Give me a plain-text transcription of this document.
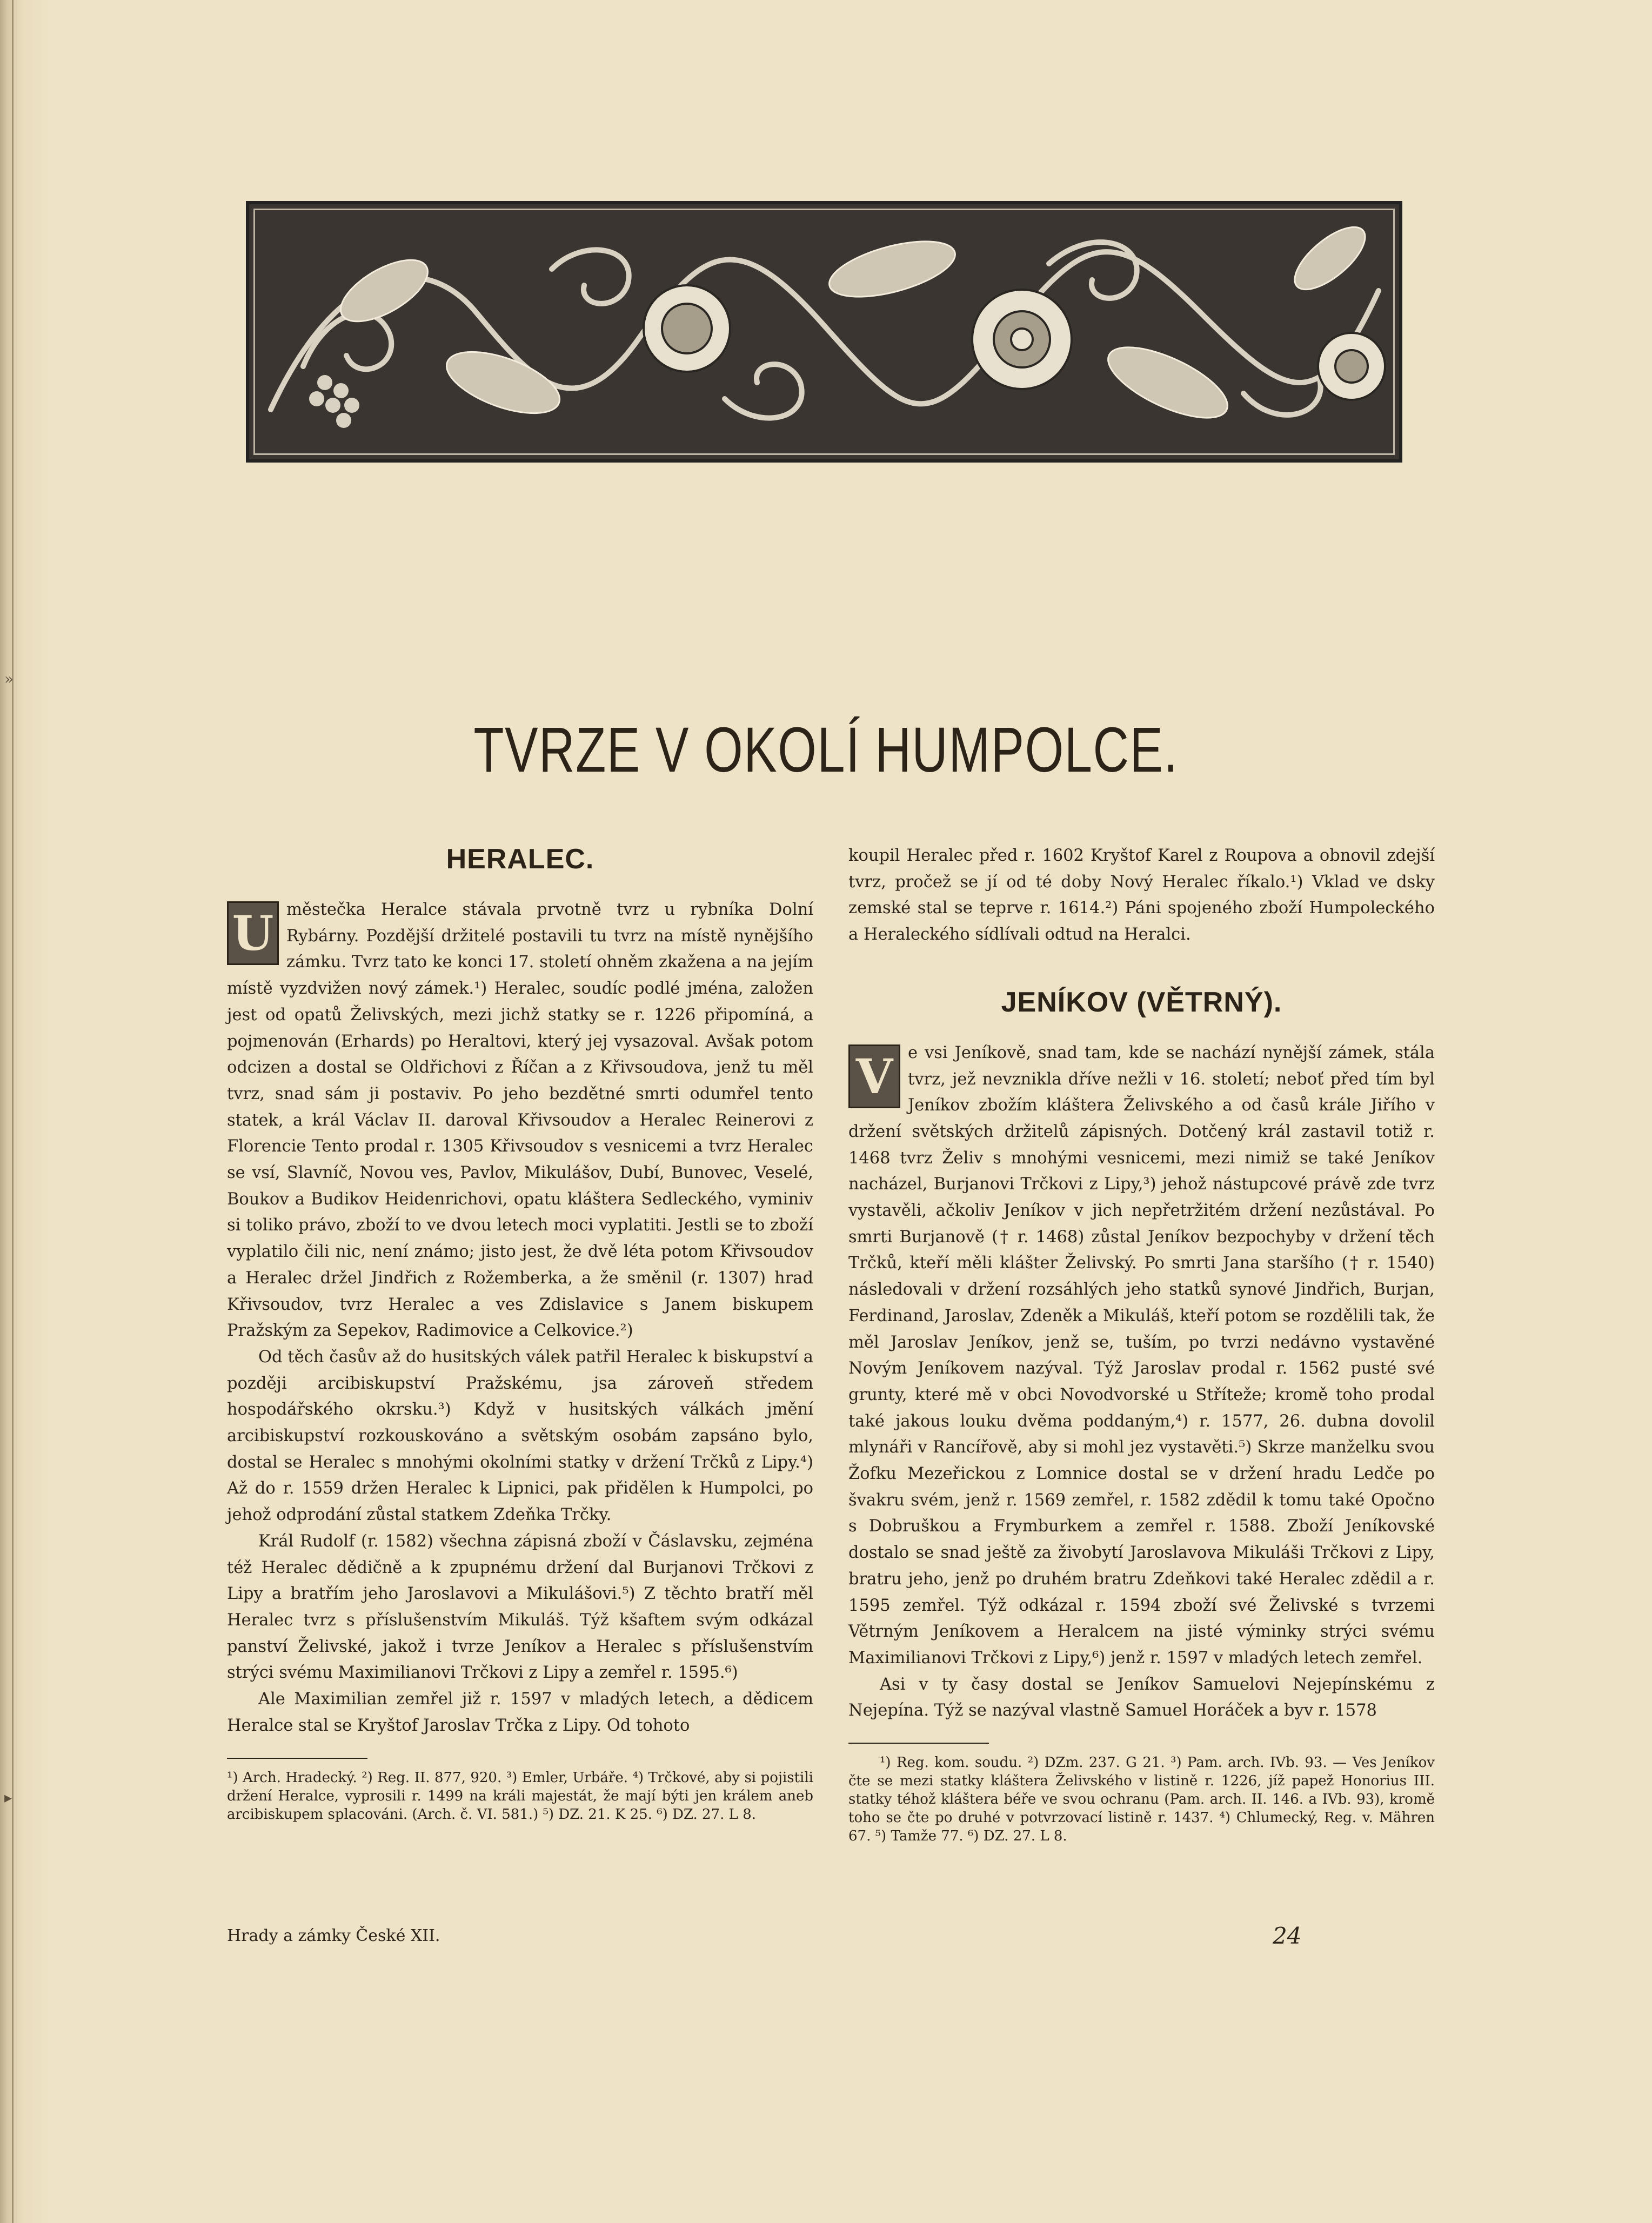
»
▸
TVRZE V OKOLÍ HUMPOLCE.
HERALEC.

U městečka Heralce stávala prvotně tvrz u rybníka Dolní Rybárny. Pozdější držitelé postavili tu tvrz na místě nynějšího zámku. Tvrz tato ke konci 17. století ohněm zkažena a na jejím místě vyzdvižen nový zámek.¹) Heralec, soudíc podlé jména, založen jest od opatů Želivských, mezi jichž statky se r. 1226 připomíná, a pojmenován (Erhards) po Heraltovi, který jej vysazoval. Avšak potom odcizen a dostal se Oldřichovi z Říčan a z Křivsoudova, jenž tu měl tvrz, snad sám ji postaviv. Po jeho bezdětné smrti odumřel tento statek, a král Václav II. daroval Křivsoudov a Heralec Reinerovi z Florencie Tento prodal r. 1305 Křivsoudov s vesnicemi a tvrz Heralec se vsí, Slavníč, Novou ves, Pavlov, Mikulášov, Dubí, Bunovec, Veselé, Boukov a Budikov Heidenrichovi, opatu kláštera Sedleckého, vyminiv si toliko právo, zboží to ve dvou letech moci vyplatiti. Jestli se to zboží vyplatilo čili nic, není známo; jisto jest, že dvě léta potom Křivsoudov a Heralec držel Jindřich z Rožemberka, a že směnil (r. 1307) hrad Křivsoudov, tvrz Heralec a ves Zdislavice s Janem biskupem Pražským za Sepekov, Radimovice a Celkovice.²)

Od těch časův až do husitských válek patřil Heralec k biskupství a později arcibiskupství Pražskému, jsa zároveň středem hospodářského okrsku.³) Když v husitských válkách jmění arcibiskupství rozkouskováno a světským osobám zapsáno bylo, dostal se Heralec s mnohými okolními statky v držení Trčků z Lipy.⁴) Až do r. 1559 držen Heralec k Lipnici, pak přidělen k Humpolci, po jehož odprodání zůstal statkem Zdeňka Trčky.

Král Rudolf (r. 1582) všechna zápisná zboží v Čáslavsku, zejména též Heralec dědičně a k zpupnému držení dal Burjanovi Trčkovi z Lipy a bratřím jeho Jaroslavovi a Mikulášovi.⁵) Z těchto bratří měl Heralec tvrz s příslušenstvím Mikuláš. Týž kšaftem svým odkázal panství Želivské, jakož i tvrze Jeníkov a Heralec s příslušenstvím strýci svému Maximilianovi Trčkovi z Lipy a zemřel r. 1595.⁶)

Ale Maximilian zemřel již r. 1597 v mladých letech, a dědicem Heralce stal se Kryštof Jaroslav Trčka z Lipy. Od tohoto

¹) Arch. Hradecký. ²) Reg. II. 877, 920. ³) Emler, Urbáře. ⁴) Trčkové, aby si pojistili držení Heralce, vyprosili r. 1499 na králi majestát, že mají býti jen králem aneb arcibiskupem splacováni. (Arch. č. VI. 581.) ⁵) DZ. 21. K 25. ⁶) DZ. 27. L 8.

Hrady a zámky České XII.

koupil Heralec před r. 1602 Kryštof Karel z Roupova a obnovil zdejší tvrz, pročež se jí od té doby Nový Heralec říkalo.¹) Vklad ve dsky zemské stal se teprve r. 1614.²) Páni spojeného zboží Humpoleckého a Heraleckého sídlívali odtud na Heralci.

JENÍKOV (VĚTRNÝ).

V e vsi Jeníkově, snad tam, kde se nachází nynější zámek, stála tvrz, jež nevznikla dříve nežli v 16. století; neboť před tím byl Jeníkov zbožím kláštera Želivského a od časů krále Jiřího v držení světských držitelů zápisných. Dotčený král zastavil totiž r. 1468 tvrz Želiv s mnohými vesnicemi, mezi nimiž se také Jeníkov nacházel, Burjanovi Trčkovi z Lipy,³) jehož nástupcové právě zde tvrz vystavěli, ačkoliv Jeníkov v jich nepřetržitém držení nezůstával. Po smrti Burjanově († r. 1468) zůstal Jeníkov bezpochyby v držení těch Trčků, kteří měli klášter Želivský. Po smrti Jana staršího († r. 1540) následovali v držení rozsáhlých jeho statků synové Jindřich, Burjan, Ferdinand, Jaroslav, Zdeněk a Mikuláš, kteří potom se rozdělili tak, že měl Jaroslav Jeníkov, jenž se, tuším, po tvrzi nedávno vystavěné Novým Jeníkovem nazýval. Týž Jaroslav prodal r. 1562 pusté své grunty, které mě v obci Novodvorské u Střítežе; kromě toho prodal také jakous louku dvěma poddaným,⁴) r. 1577, 26. dubna dovolil mlynáři v Rancířově, aby si mohl jez vystavěti.⁵) Skrze manželku svou Žofku Mezeřickou z Lomnice dostal se v držení hradu Ledče po švakru svém, jenž r. 1569 zemřel, r. 1582 zdědil k tomu také Opočno s Dobruškou a Frymburkem a zemřel r. 1588. Zboží Jeníkovské dostalo se snad ještě za živobytí Jaroslavova Mikuláši Trčkovi z Lipy, bratru jeho, jenž po druhém bratru Zdeňkovi také Heralec zdědil a r. 1595 zemřel. Týž odkázal r. 1594 zboží své Želivské s tvrzemi Větrným Jeníkovem a Heralcem na jisté výminky strýci svému Maximilianovi Trčkovi z Lipy,⁶) jenž r. 1597 v mladých letech zemřel.

Asi v ty časy dostal se Jeníkov Samuelovi Nejepínskému z Nejepína. Týž se nazýval vlastně Samuel Horáček a byv r. 1578

¹) Reg. kom. soudu. ²) DZm. 237. G 21. ³) Pam. arch. IVb. 93. — Ves Jeníkov čte se mezi statky kláštera Želivského v listině r. 1226, jíž papež Honorius III. statky téhož kláštera béře ve svou ochranu (Pam. arch. II. 146. a IVb. 93), kromě toho se čte po druhé v potvrzovací listině r. 1437. ⁴) Chlumecký, Reg. v. Mähren 67. ⁵) Tamže 77. ⁶) DZ. 27. L 8.

24
